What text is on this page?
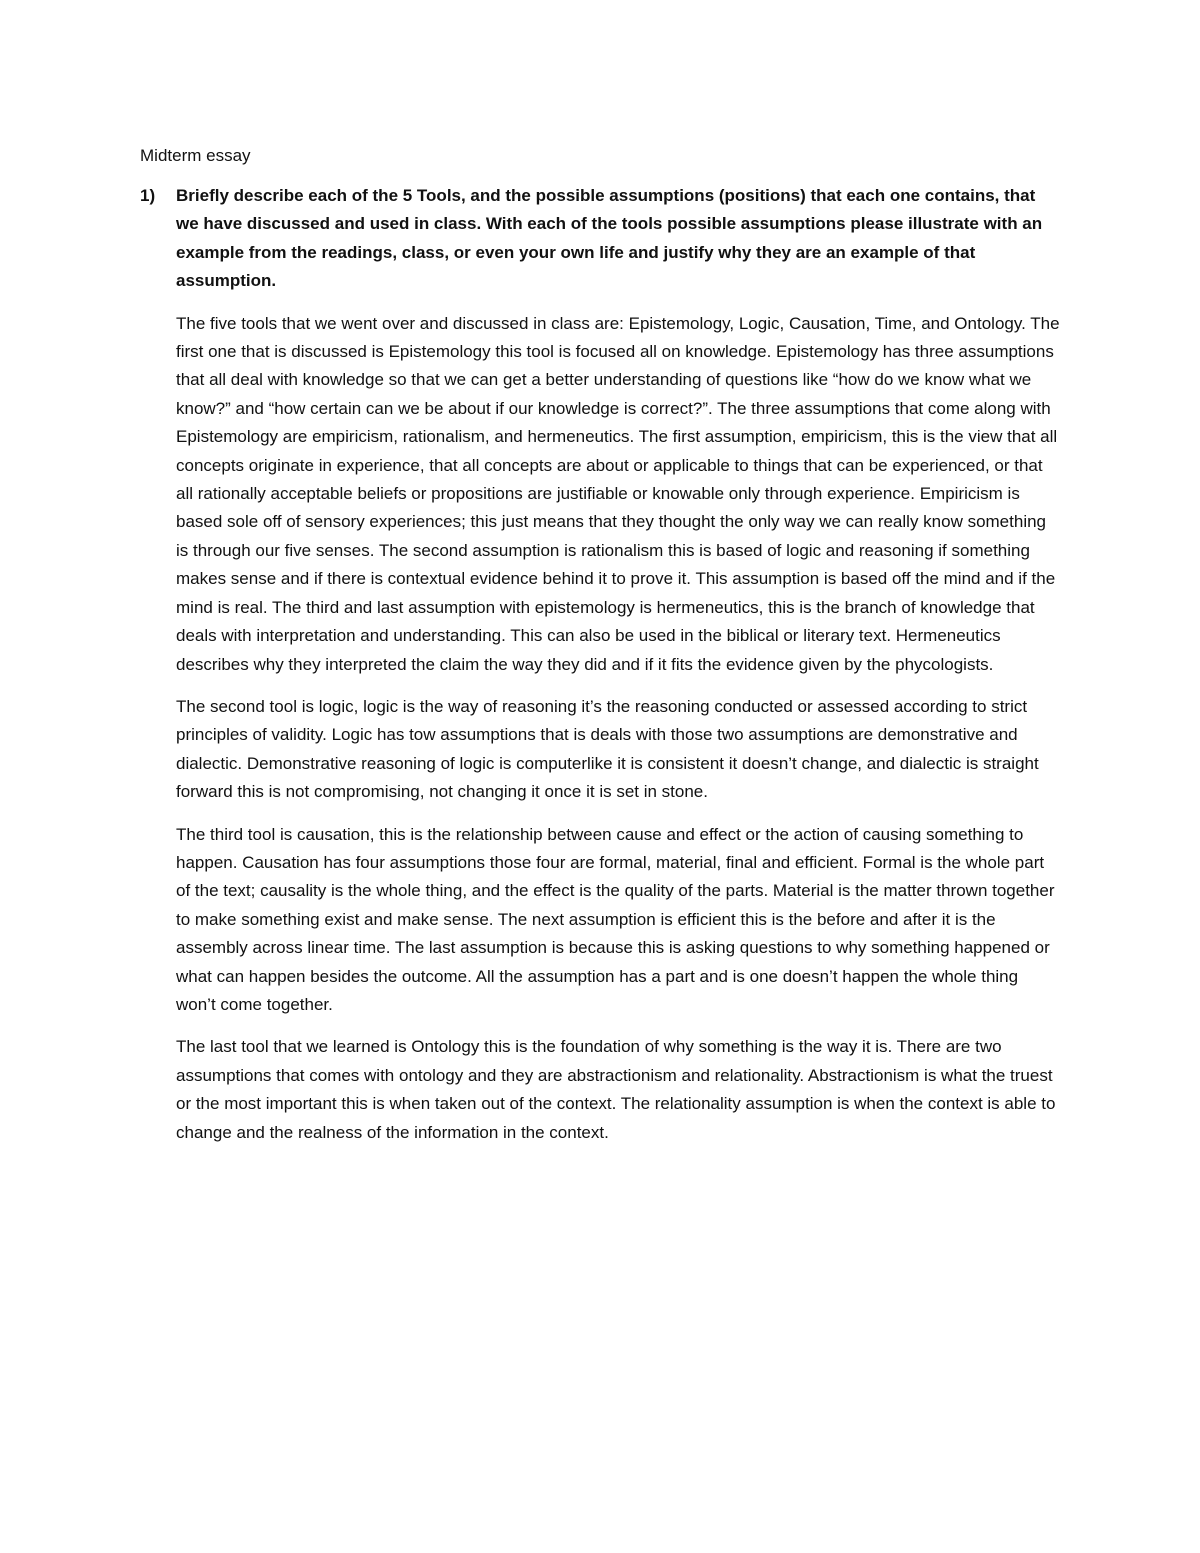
Midterm essay
1)	Briefly describe each of the 5 Tools, and the possible assumptions (positions) that each one contains, that we have discussed and used in class. With each of the tools possible assumptions please illustrate with an example from the readings, class, or even your own life and justify why they are an example of that assumption.

The five tools that we went over and discussed in class are: Epistemology, Logic, Causation, Time, and Ontology. The first one that is discussed is Epistemology this tool is focused all on knowledge. Epistemology has three assumptions that all deal with knowledge so that we can get a better understanding of questions like “how do we know what we know?” and “how certain can we be about if our knowledge is correct?”. The three assumptions that come along with Epistemology are empiricism, rationalism, and hermeneutics. The first assumption, empiricism, this is the view that all concepts originate in experience, that all concepts are about or applicable to things that can be experienced, or that all rationally acceptable beliefs or propositions are justifiable or knowable only through experience. Empiricism is based sole off of sensory experiences; this just means that they thought the only way we can really know something is through our five senses. The second assumption is rationalism this is based of logic and reasoning if something makes sense and if there is contextual evidence behind it to prove it. This assumption is based off the mind and if the mind is real. The third and last assumption with epistemology is hermeneutics, this is the branch of knowledge that deals with interpretation and understanding. This can also be used in the biblical or literary text. Hermeneutics describes why they interpreted the claim the way they did and if it fits the evidence given by the phycologists.

The second tool is logic, logic is the way of reasoning it’s the reasoning conducted or assessed according to strict principles of validity. Logic has tow assumptions that is deals with those two assumptions are demonstrative and dialectic. Demonstrative reasoning of logic is computerlike it is consistent it doesn’t change, and dialectic is straight forward this is not compromising, not changing it once it is set in stone.

The third tool is causation, this is the relationship between cause and effect or the action of causing something to happen. Causation has four assumptions those four are formal, material, final and efficient. Formal is the whole part of the text; causality is the whole thing, and the effect is the quality of the parts. Material is the matter thrown together to make something exist and make sense. The next assumption is efficient this is the before and after it is the assembly across linear time. The last assumption is because this is asking questions to why something happened or what can happen besides the outcome. All the assumption has a part and is one doesn’t happen the whole thing won’t come together.

The last tool that we learned is Ontology this is the foundation of why something is the way it is. There are two assumptions that comes with ontology and they are abstractionism and relationality. Abstractionism is what the truest or the most important this is when taken out of the context. The relationality assumption is when the context is able to change and the realness of the information in the context.
